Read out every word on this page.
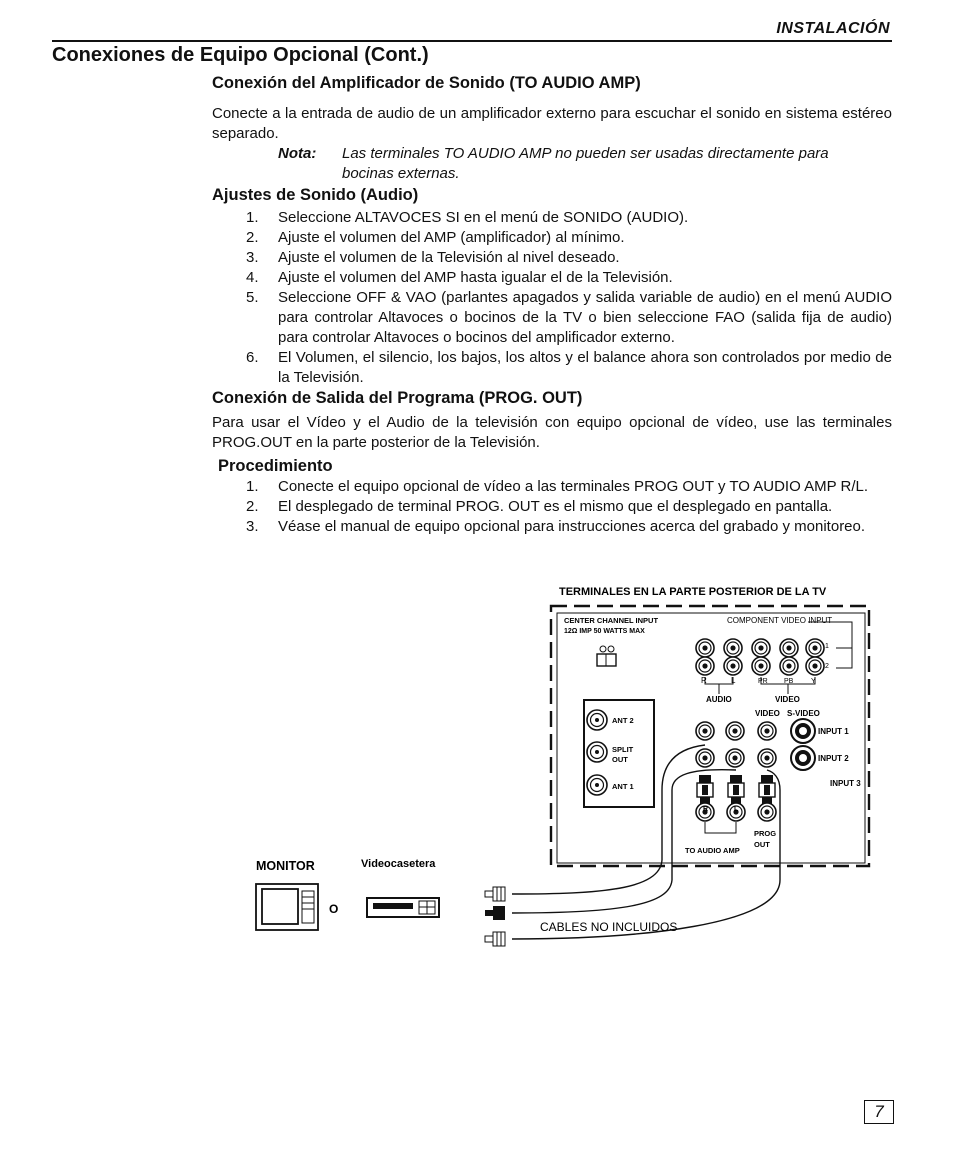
INSTALACIÓN
Conexiones de Equipo Opcional (Cont.)
Conexión del Amplificador de Sonido (TO AUDIO AMP)
Conecte a la entrada de audio de un amplificador externo para escuchar el sonido en sistema estéreo separado.
Nota: Las terminales TO AUDIO AMP no pueden ser usadas directamente para
bocinas externas.
Ajustes de Sonido (Audio)
1.	Seleccione ALTAVOCES SI en el menú de SONIDO (AUDIO).
2.	Ajuste el volumen del AMP (amplificador) al mínimo.
3.	Ajuste el volumen de la Televisión al nivel deseado.
4.	Ajuste el volumen del AMP hasta igualar el de la Televisión.
5.	Seleccione OFF & VAO (parlantes apagados y salida variable de audio) en el menú AUDIO para controlar Altavoces o bocinos de la TV o bien seleccione FAO (salida fija de audio) para controlar Altavoces o bocinos del amplificador externo.
6.	El Volumen, el silencio, los bajos, los altos y el balance ahora son controlados por medio de la Televisión.
Conexión de Salida del Programa (PROG. OUT)
Para usar el Vídeo y el Audio de la televisión con equipo opcional de vídeo, use las terminales PROG.OUT en la parte posterior de la Televisión.
Procedimiento
1.	Conecte el equipo opcional de vídeo a las terminales PROG OUT y TO AUDIO AMP R/L.
2.	El desplegado de terminal PROG. OUT es el mismo que el desplegado en pantalla.
3.	Véase el manual de equipo opcional para instrucciones acerca del grabado y monitoreo.
TERMINALES EN LA PARTE POSTERIOR DE LA TV
CENTER CHANNEL INPUT
12Ω IMP 50 WATTS MAX
COMPONENT VIDEO INPUT
1
2
R	L	PR PB	Y
AUDIO	VIDEO
VIDEO S-VIDEO
ANT 2
SPLIT
OUT
ANT 1
INPUT 1
INPUT 2
INPUT 3
R	L
TO AUDIO AMP
PROG
OUT
CABLES NO INCLUIDOS
MONITOR	Videocasetera
O
7
